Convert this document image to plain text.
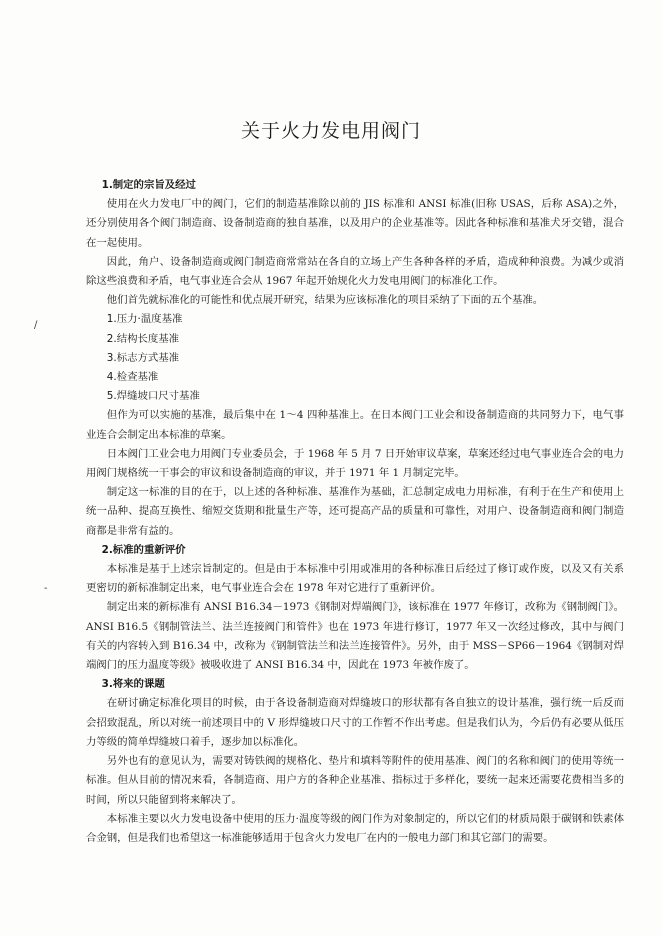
关于火力发电用阀门

1.制定的宗旨及经过

使用在火力发电厂中的阀门，它们的制造基准除以前的 JIS 标准和 ANSI 标准(旧称 USAS，后称 ASA)之外，还分别使用各个阀门制造商、设备制造商的独自基准，以及用户的企业基准等。因此各种标准和基准犬牙交错，混合在一起使用。

因此，角户、设备制造商或阀门制造商常常站在各自的立场上产生各种各样的矛盾，造成种种浪费。为减少或消除这些浪费和矛盾，电气事业连合会从 1967 年起开始规化火力发电用阀门的标准化工作。

他们首先就标准化的可能性和优点展开研究，结果为应该标准化的项目采纳了下面的五个基准。

1.压力·温度基准

2.结构长度基准

3.标志方式基准

4.检查基准

5.焊缝坡口尺寸基准

但作为可以实施的基准，最后集中在 1～4 四种基准上。在日本阀门工业会和设备制造商的共同努力下，电气事业连合会制定出本标准的草案。

日本阀门工业会电力用阀门专业委员会，于 1968 年 5 月 7 日开始审议草案，草案还经过电气事业连合会的电力用阀门规格统一干事会的审议和设备制造商的审议，并于 1971 年 1 月制定完毕。

制定这一标准的目的在于，以上述的各种标准、基准作为基础，汇总制定成电力用标准，有利于在生产和使用上统一品种、提高互换性、缩短交货期和批量生产等，还可提高产品的质量和可靠性，对用户、设备制造商和阀门制造商都是非常有益的。

2.标准的重新评价

本标准是基于上述宗旨制定的。但是由于本标准中引用或准用的各种标准日后经过了修订或作废，以及又有关系更密切的新标准制定出来，电气事业连合会在 1978 年对它进行了重新评价。

制定出来的新标准有 ANSI B16.34－1973《钢制对焊端阀门》，该标准在 1977 年修订，改称为《钢制阀门》。ANSI B16.5《钢制管法兰、法兰连接阀门和管件》也在 1973 年进行修订，1977 年又一次经过修改，其中与阀门有关的内容转入到 B16.34 中，改称为《钢制管法兰和法兰连接管件》。另外，由于 MSS－SP66－1964《钢制对焊端阀门的压力温度等级》被吸收进了 ANSI B16.34 中，因此在 1973 年被作废了。

3.将来的课题

在研讨确定标准化项目的时候，由于各设备制造商对焊缝坡口的形状都有各自独立的设计基准，强行统一后反而会招致混乱，所以对统一前述项目中的 V 形焊缝坡口尺寸的工作暂不作出考虑。但是我们认为，今后仍有必要从低压力等级的简单焊缝坡口着手，逐步加以标准化。

另外也有的意见认为，需要对铸铁阀的规格化、垫片和填料等附件的使用基准、阀门的名称和阀门的使用等统一标准。但从目前的情况来看，各制造商、用户方的各种企业基准、指标过于多样化，要统一起来还需要花费相当多的时间，所以只能留到将来解决了。

本标准主要以火力发电设备中使用的压力·温度等级的阀门作为对象制定的，所以它们的材质局限于碳钢和铁素体合金钢，但是我们也希望这一标准能够适用于包含火力发电厂在内的一般电力部门和其它部门的需要。

/
-
